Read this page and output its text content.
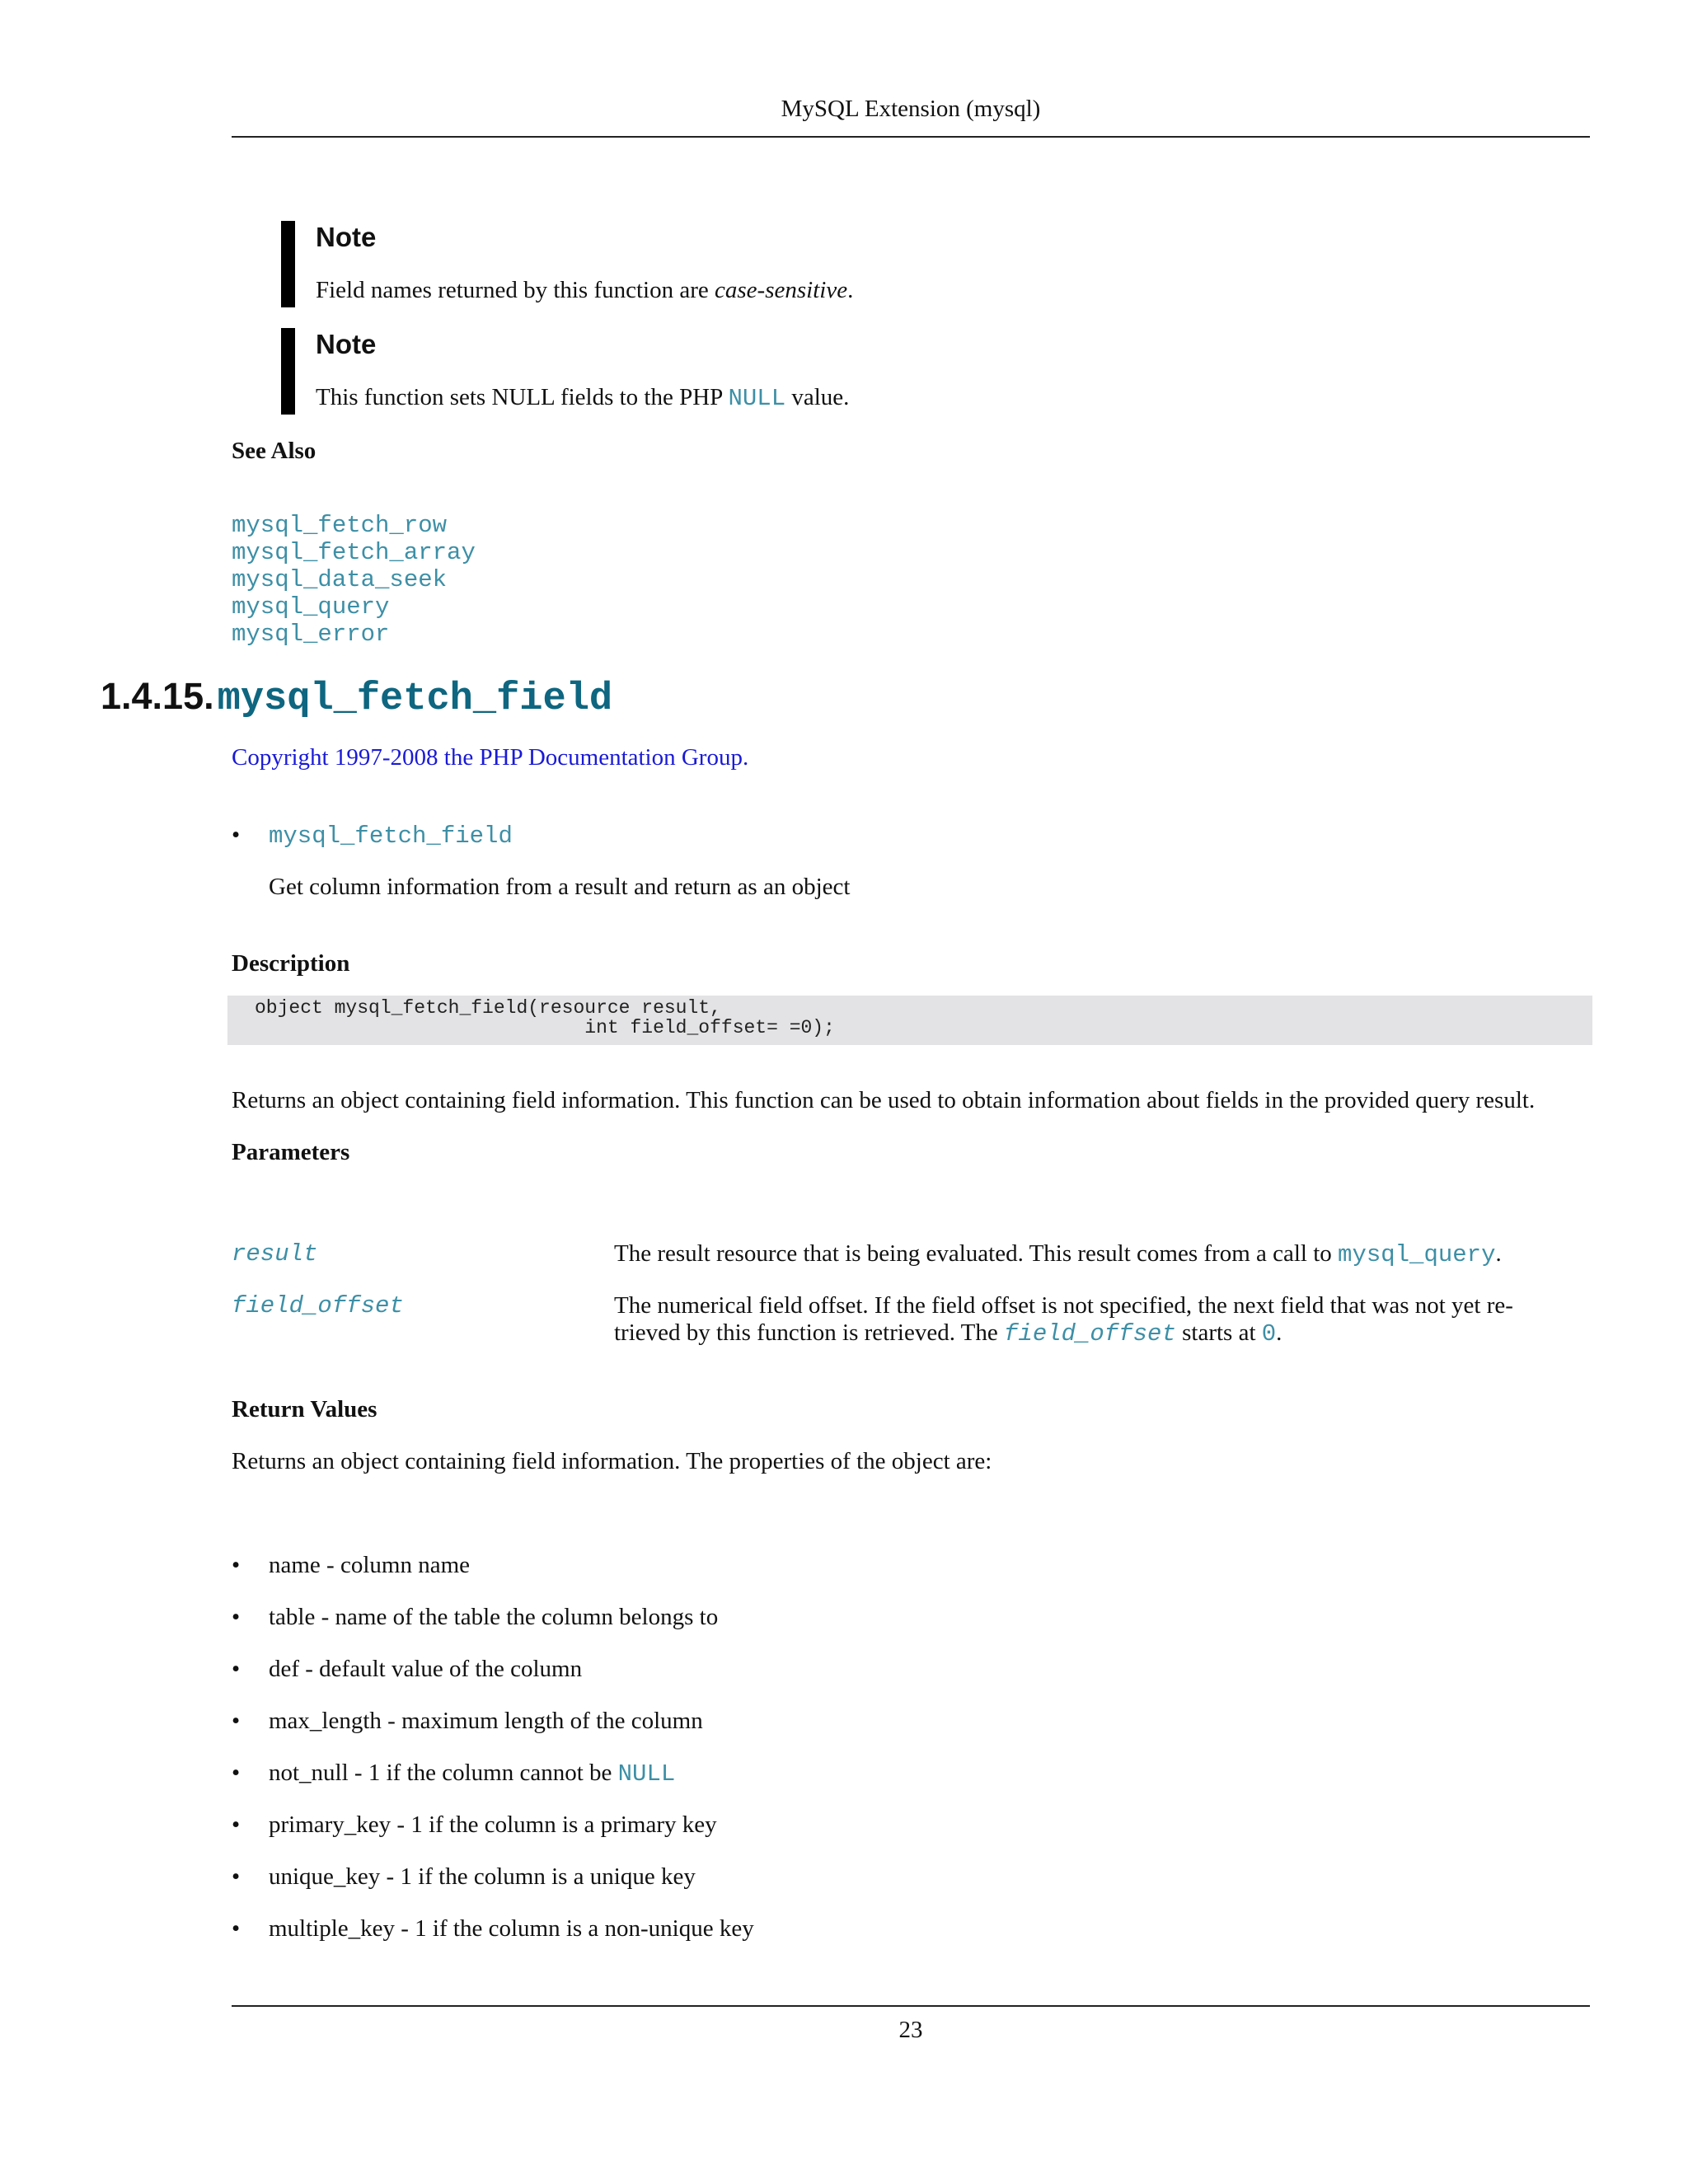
MySQL Extension (mysql)
Note
Field names returned by this function are case-sensitive.
Note
This function sets NULL fields to the PHP NULL value.
See Also
mysql_fetch_row
mysql_fetch_array
mysql_data_seek
mysql_query
mysql_error
1.4.15. mysql_fetch_field
Copyright 1997-2008 the PHP Documentation Group.
• mysql_fetch_field
Get column information from a result and return as an object
Description
object mysql_fetch_field(resource result,
int field_offset= =0);
Returns an object containing field information. This function can be used to obtain information about fields in the provided query result.
Parameters
result	The result resource that is being evaluated. This result comes from a call to mysql_query.
field_offset	The numerical field offset. If the field offset is not specified, the next field that was not yet re-
trieved by this function is retrieved. The field_offset starts at 0.
Return Values
Returns an object containing field information. The properties of the object are:
• name - column name
• table - name of the table the column belongs to
• def - default value of the column
• max_length - maximum length of the column
• not_null - 1 if the column cannot be NULL
• primary_key - 1 if the column is a primary key
• unique_key - 1 if the column is a unique key
• multiple_key - 1 if the column is a non-unique key
23
